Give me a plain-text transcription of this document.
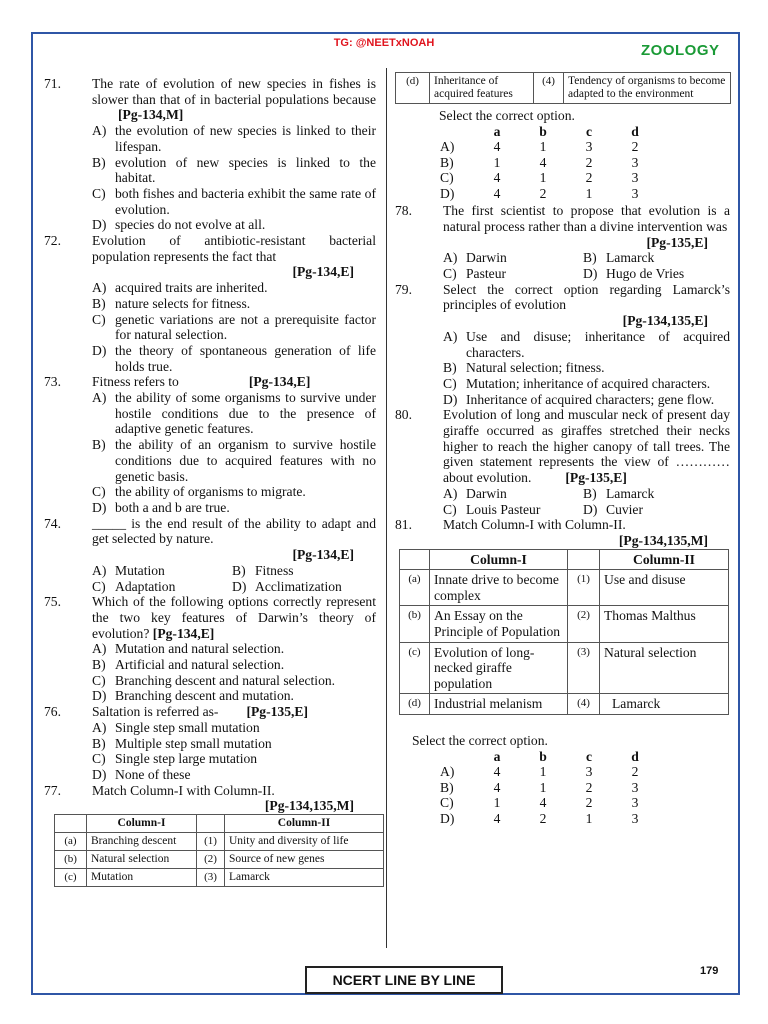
TG: @NEETxNOAH	ZOOLOGY
71.	The rate of evolution of new species in fishes is slower than that of in bacterial populations because [Pg-134,M]
A) the evolution of new species is linked to their lifespan.
B) evolution of new species is linked to the habitat.
C) both fishes and bacteria exhibit the same rate of evolution.
D) species do not evolve at all.
72.	Evolution of antibiotic-resistant bacterial population represents the fact that
[Pg-134,E]
A) acquired traits are inherited.
B) nature selects for fitness.
C) genetic variations are not a prerequisite factor for natural selection.
D) the theory of spontaneous generation of life holds true.
73.	Fitness refers to	[Pg-134,E]
A) the ability of some organisms to survive under hostile conditions due to the presence of adaptive genetic features.
B) the ability of an organism to survive hostile conditions due to acquired features with no genetic basis.
C) the ability of organisms to migrate.
D) both a and b are true.
74.	_____ is the end result of the ability to adapt and get selected by nature.
[Pg-134,E]
A) Mutation	B) Fitness
C) Adaptation	D) Acclimatization
75.	Which of the following options correctly represent the two key features of Darwin’s theory of evolution? [Pg-134,E]
A) Mutation and natural selection.
B) Artificial and natural selection.
C) Branching descent and natural selection.
D) Branching descent and mutation.
76.	Saltation is referred as- [Pg-135,E]
A) Single step small mutation
B) Multiple step small mutation
C) Single step large mutation
D) None of these
77.	Match Column-I with Column-II.
[Pg-134,135,M]
	Column-I		Column-II
(a)	Branching descent	(1)	Unity and diversity of life
(b)	Natural selection	(2)	Source of new genes
(c)	Mutation	(3)	Lamarck
(d)	Inheritance of acquired features	(4)	Tendency of organisms to become adapted to the environment
Select the correct option.
	a	b	c	d
A)	4	1	3	2
B)	1	4	2	3
C)	4	1	2	3
D)	4	2	1	3
78.	The first scientist to propose that evolution is a natural process rather than a divine intervention was
[Pg-135,E]
A) Darwin	B) Lamarck
C) Pasteur	D) Hugo de Vries
79.	Select the correct option regarding Lamarck’s principles of evolution
[Pg-134,135,E]
A) Use and disuse; inheritance of acquired characters.
B) Natural selection; fitness.
C) Mutation; inheritance of acquired characters.
D) Inheritance of acquired characters; gene flow.
80.	Evolution of long and muscular neck of present day giraffe occurred as giraffes stretched their necks higher to reach the higher canopy of tall trees. The given statement represents the view of ………… about evolution.	[Pg-135,E]
A) Darwin	B) Lamarck
C) Louis Pasteur	D) Cuvier
81.	Match Column-I with Column-II.
[Pg-134,135,M]
	Column-I		Column-II
(a)	Innate drive to become complex	(1)	Use and disuse
(b)	An Essay on the Principle of Population	(2)	Thomas Malthus
(c)	Evolution of long-necked giraffe population	(3)	Natural selection
(d)	Industrial melanism	(4)	Lamarck
Select the correct option.
	a	b	c	d
A)	4	1	3	2
B)	4	1	2	3
C)	1	4	2	3
D)	4	2	1	3
NCERT LINE BY LINE
179
